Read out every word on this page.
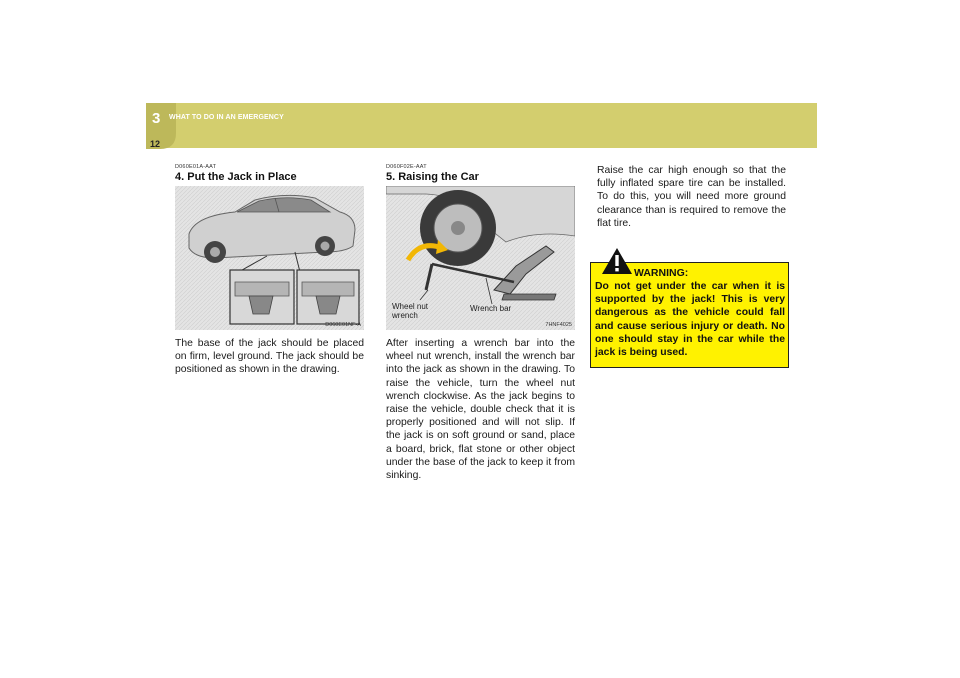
3 WHAT TO DO IN AN EMERGENCY
12
D060E01A-AAT
4. Put the Jack in Place
D060E01NF-A
The base of the jack should be placed on firm, level ground. The jack should be positioned as shown in the drawing.
D060F02E-AAT
5. Raising the Car
Wheel nut
wrench
Wrench bar
7HNF4025
After inserting a wrench bar into the wheel nut wrench, install the wrench bar into the jack as shown in the drawing. To raise the vehicle, turn the wheel nut wrench clockwise. As the jack begins to raise the vehicle, double check that it is properly positioned and will not slip. If the jack is on soft ground or sand, place a board, brick, flat stone or other object under the base of the jack to keep it from sinking.
Raise the car high enough so that the fully inflated spare tire can be installed. To do this, you will need more ground clearance than is required to remove the flat tire.
WARNING:
Do not get under the car when it is supported by the jack! This is very dangerous as the vehicle could fall and cause serious injury or death. No one should stay in the car while the jack is being used.
